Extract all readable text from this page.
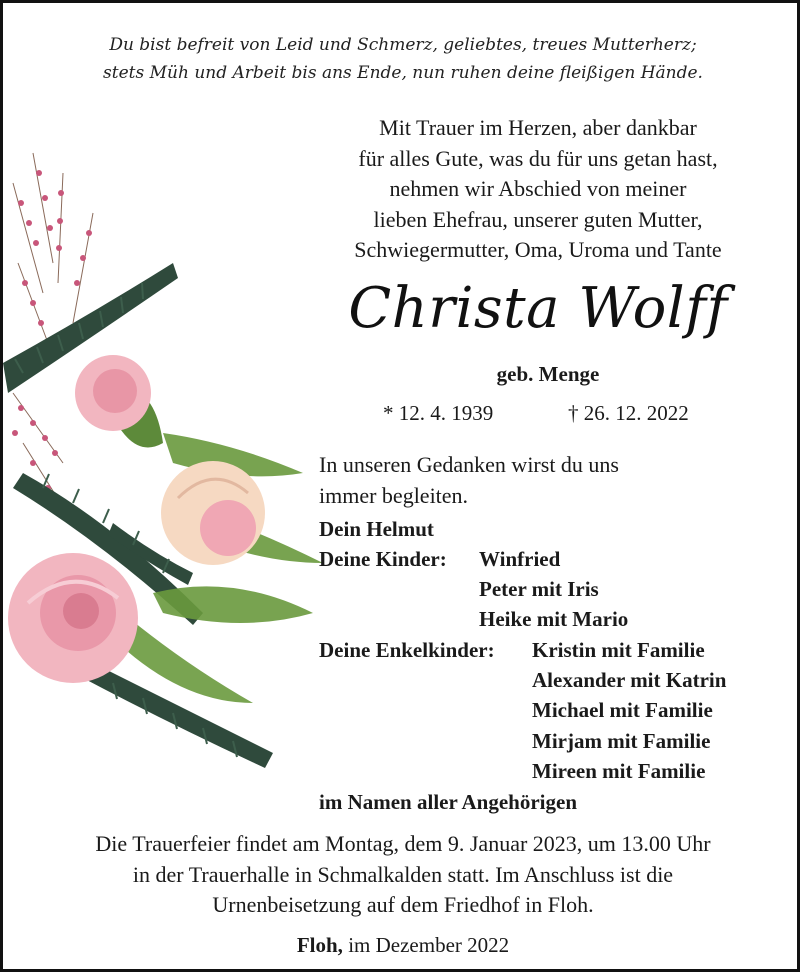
Du bist befreit von Leid und Schmerz, geliebtes, treues Mutterherz;
stets Müh und Arbeit bis ans Ende, nun ruhen deine fleißigen Hände.
Mit Trauer im Herzen, aber dankbar
für alles Gute, was du für uns getan hast,
nehmen wir Abschied von meiner
lieben Ehefrau, unserer guten Mutter,
Schwiegermutter, Oma, Uroma und Tante
Christa Wolff
geb. Menge
* 12. 4. 1939	† 26. 12. 2022
In unseren Gedanken wirst du uns
immer begleiten.
Dein Helmut
Deine Kinder: Winfried
Peter mit Iris
Heike mit Mario
Deine Enkelkinder: Kristin mit Familie
Alexander mit Katrin
Michael mit Familie
Mirjam mit Familie
Mireen mit Familie
im Namen aller Angehörigen
Die Trauerfeier findet am Montag, dem 9. Januar 2023, um 13.00 Uhr
in der Trauerhalle in Schmalkalden statt. Im Anschluss ist die
Urnenbeisetzung auf dem Friedhof in Floh.
Floh, im Dezember 2022
